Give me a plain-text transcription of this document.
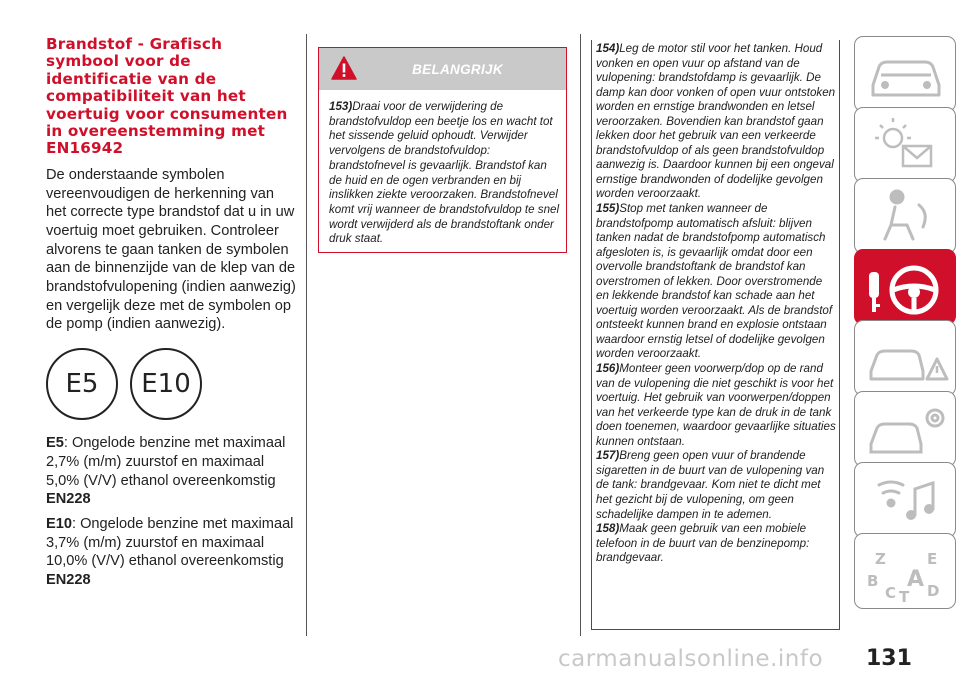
Brandstof - Grafisch symbool voor de identificatie van de compatibiliteit van het voertuig voor consumenten in overeenstemming met EN16942

De onderstaande symbolen vereenvoudigen de herkenning van het correcte type brandstof dat u in uw voertuig moet gebruiken. Controleer alvorens te gaan tanken de symbolen aan de binnenzijde van de klep van de brandstofvulopening (indien aanwezig) en vergelijk deze met de symbolen op de pomp (indien aanwezig).

E5	E10

E5: Ongelode benzine met maximaal 2,7% (m/m) zuurstof en maximaal 5,0% (V/V) ethanol overeenkomstig EN228

E10: Ongelode benzine met maximaal 3,7% (m/m) zuurstof en maximaal 10,0% (V/V) ethanol overeenkomstig EN228

BELANGRIJK
153)Draai voor de verwijdering de brandstofvuldop een beetje los en wacht tot het sissende geluid ophoudt. Verwijder vervolgens de brandstofvuldop: brandstofnevel is gevaarlijk. Brandstof kan de huid en de ogen verbranden en bij inslikken ziekte veroorzaken. Brandstofnevel komt vrij wanneer de brandstofvuldop te snel wordt verwijderd als de brandstoftank onder druk staat.
154)Leg de motor stil voor het tanken. Houd vonken en open vuur op afstand van de vulopening: brandstofdamp is gevaarlijk. De damp kan door vonken of open vuur ontstoken worden en ernstige brandwonden en letsel veroorzaken. Bovendien kan brandstof gaan lekken door het gebruik van een verkeerde brandstofvuldop of als geen brandstofvuldop aanwezig is. Daardoor kunnen bij een ongeval ernstige brandwonden of dodelijke gevolgen worden veroorzaakt.
155)Stop met tanken wanneer de brandstofpomp automatisch afsluit: blijven tanken nadat de brandstofpomp automatisch afgesloten is, is gevaarlijk omdat door een overvolle brandstoftank de brandstof kan overstromen of lekken. Door overstromende en lekkende brandstof kan schade aan het voertuig worden veroorzaakt. Als de brandstof ontsteekt kunnen brand en explosie ontstaan waardoor ernstig letsel of dodelijke gevolgen worden veroorzaakt.
156)Monteer geen voorwerp/dop op de rand van de vulopening die niet geschikt is voor het voertuig. Het gebruik van voorwerpen/doppen van het verkeerde type kan de druk in de tank doen toenemen, waardoor gevaarlijke situaties kunnen ontstaan.
157)Breng geen open vuur of brandende sigaretten in de buurt van de vulopening van de tank: brandgevaar. Kom niet te dicht met het gezicht bij de vulopening, om geen schadelijke dampen in te ademen.
158)Maak geen gebruik van een mobiele telefoon in de buurt van de benzinepomp: brandgevaar.	Z	E
B A
C T D
carmanualsonline.info 131
